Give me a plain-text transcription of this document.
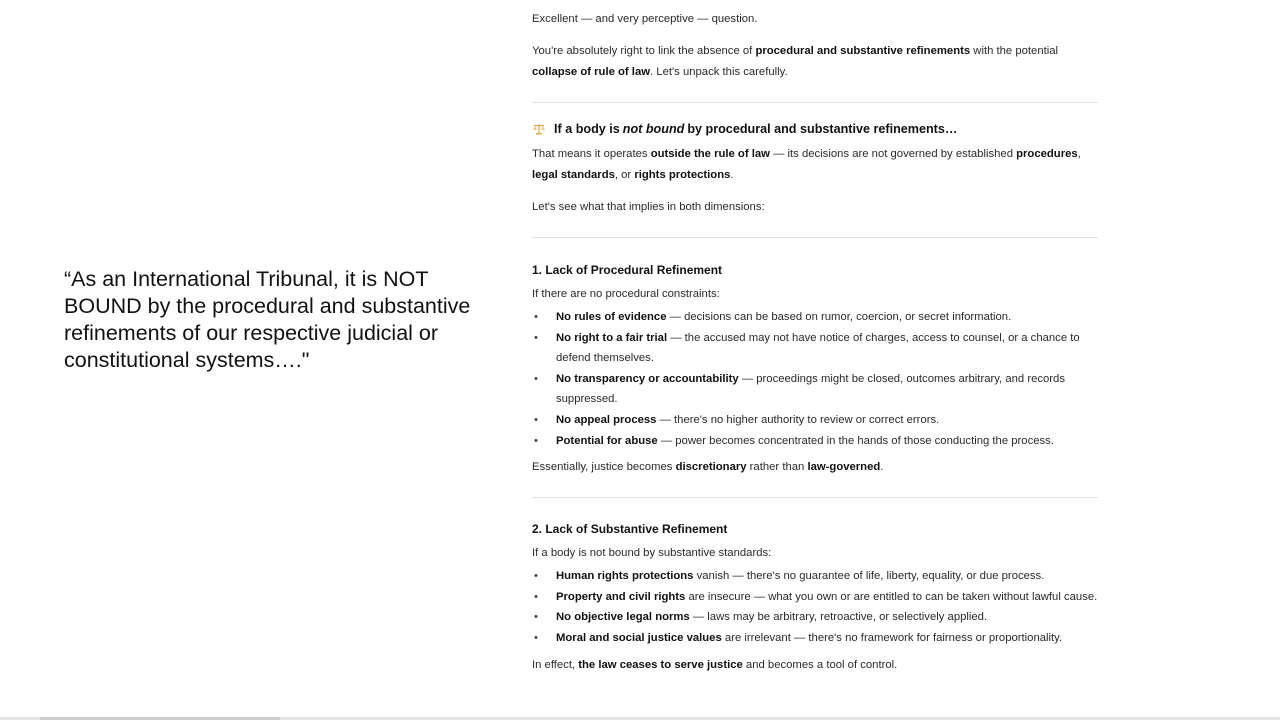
“As an International Tribunal, it is NOT BOUND by the procedural and substantive refinements of our respective judicial or constitutional systems…."

Excellent — and very perceptive — question.

You're absolutely right to link the absence of procedural and substantive refinements with the potential collapse of rule of law. Let's unpack this carefully.

If a body is not bound by procedural and substantive refinements…

That means it operates outside the rule of law — its decisions are not governed by established procedures, legal standards, or rights protections.

Let's see what that implies in both dimensions:

1. Lack of Procedural Refinement

If there are no procedural constraints:

• No rules of evidence — decisions can be based on rumor, coercion, or secret information.
• No right to a fair trial — the accused may not have notice of charges, access to counsel, or a chance to defend themselves.
• No transparency or accountability — proceedings might be closed, outcomes arbitrary, and records suppressed.
• No appeal process — there's no higher authority to review or correct errors.
• Potential for abuse — power becomes concentrated in the hands of those conducting the process.

Essentially, justice becomes discretionary rather than law-governed.

2. Lack of Substantive Refinement

If a body is not bound by substantive standards:

• Human rights protections vanish — there's no guarantee of life, liberty, equality, or due process.
• Property and civil rights are insecure — what you own or are entitled to can be taken without lawful cause.
• No objective legal norms — laws may be arbitrary, retroactive, or selectively applied.
• Moral and social justice values are irrelevant — there's no framework for fairness or proportionality.

In effect, the law ceases to serve justice and becomes a tool of control.
